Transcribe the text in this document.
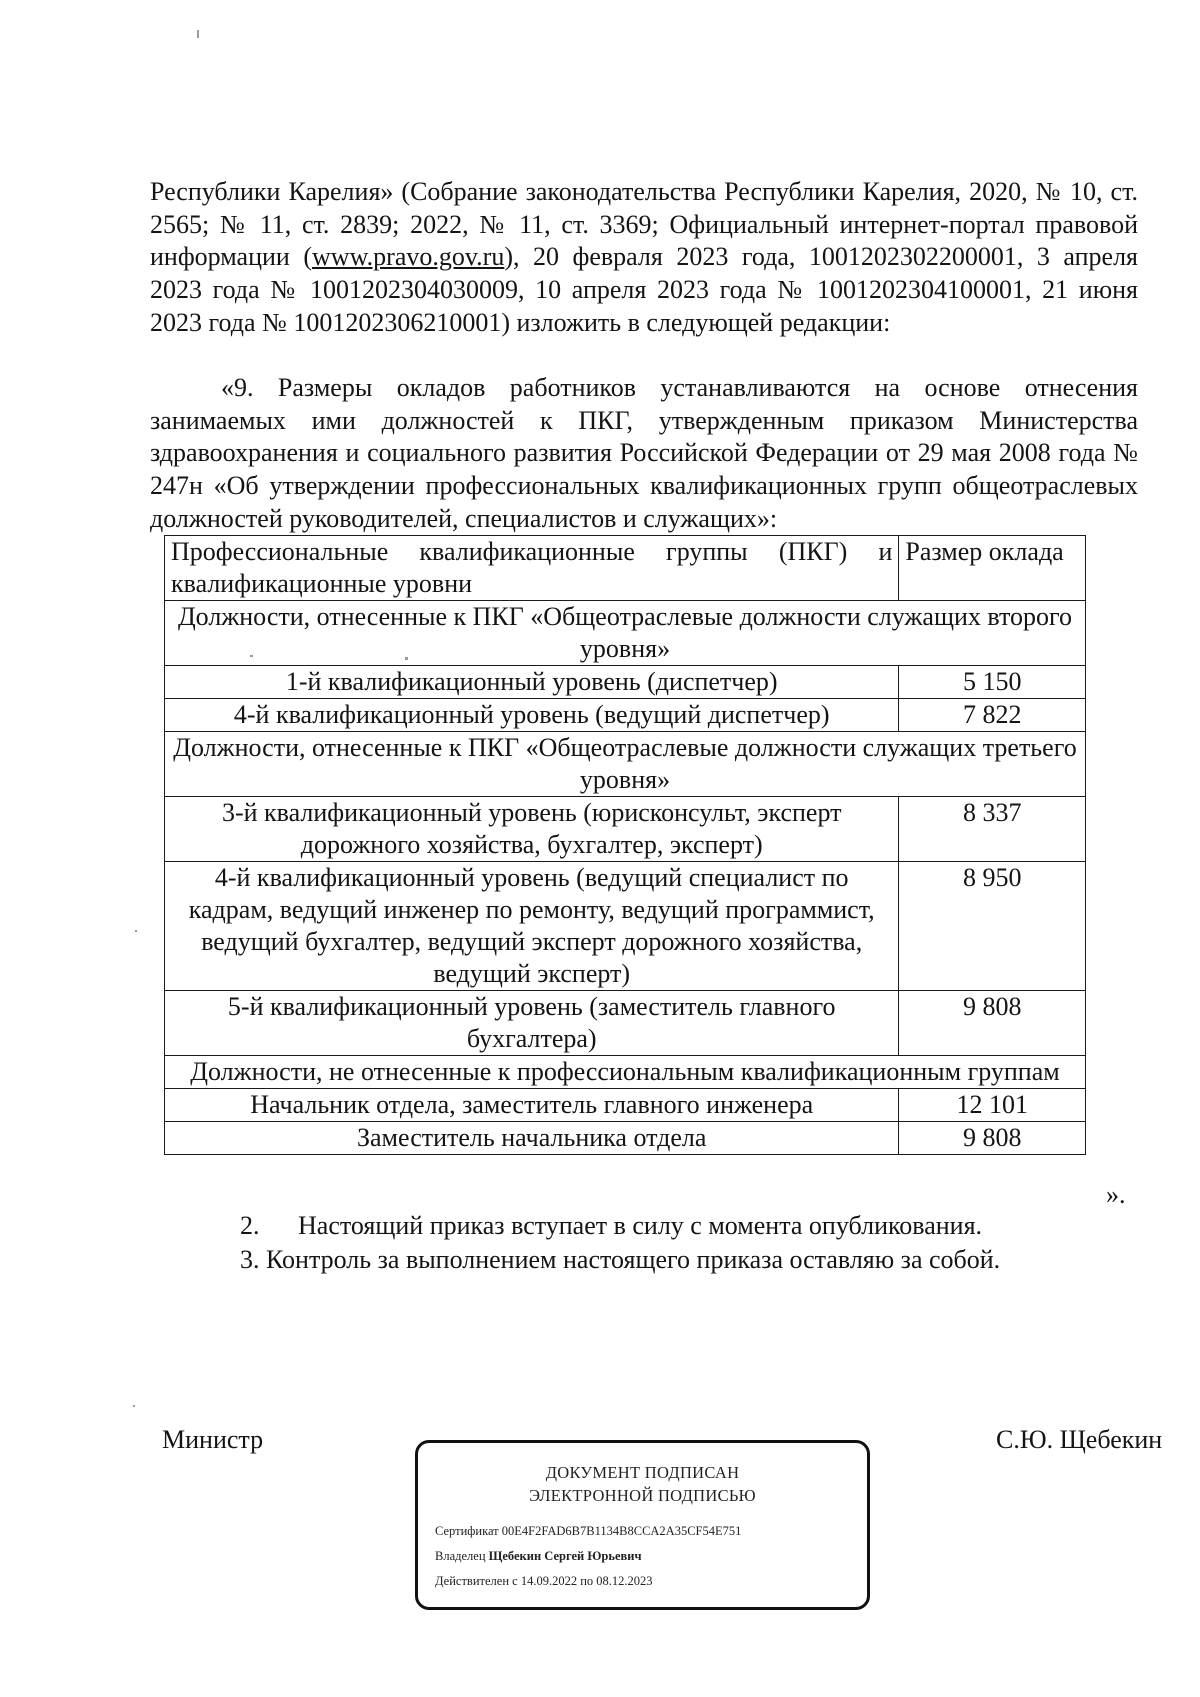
Республики Карелия» (Собрание законодательства Республики Карелия, 2020, № 10, ст. 2565; № 11, ст. 2839; 2022, № 11, ст. 3369; Официальный интернет-портал правовой информации (www.pravo.gov.ru), 20 февраля 2023 года, 1001202302200001, 3 апреля 2023 года № 1001202304030009, 10 апреля 2023 года № 1001202304100001, 21 июня 2023 года № 1001202306210001) изложить в следующей редакции:
«9. Размеры окладов работников устанавливаются на основе отнесения занимаемых ими должностей к ПКГ, утвержденным приказом Министерства здравоохранения и социального развития Российской Федерации от 29 мая 2008 года № 247н «Об утверждении профессиональных квалификационных групп общеотраслевых должностей руководителей, специалистов и служащих»:
Профессиональные квалификационные группы (ПКГ) и квалификационные уровни	Размер оклада
Должности, отнесенные к ПКГ «Общеотраслевые должности служащих второго уровня»	
1-й квалификационный уровень (диспетчер)	5 150
4-й квалификационный уровень (ведущий диспетчер)	7 822
Должности, отнесенные к ПКГ «Общеотраслевые должности служащих третьего уровня»	
3-й квалификационный уровень (юрисконсульт, эксперт дорожного хозяйства, бухгалтер, эксперт)	8 337
4-й квалификационный уровень (ведущий специалист по кадрам, ведущий инженер по ремонту, ведущий программист, ведущий бухгалтер, ведущий эксперт дорожного хозяйства, ведущий эксперт)	8 950
5-й квалификационный уровень (заместитель главного бухгалтера)	9 808
Должности, не отнесенные к профессиональным квалификационным группам	
Начальник отдела, заместитель главного инженера	12 101
Заместитель начальника отдела	9 808
».
2. Настоящий приказ вступает в силу с момента опубликования.
3. Контроль за выполнением настоящего приказа оставляю за собой.
Министр	С.Ю. Щебекин
ДОКУМЕНТ ПОДПИСАН
ЭЛЕКТРОННОЙ ПОДПИСЬЮ
Сертификат 00E4F2FAD6B7B1134B8CCA2A35CF54E751
Владелец Щебекин Сергей Юрьевич
Действителен с 14.09.2022 по 08.12.2023
